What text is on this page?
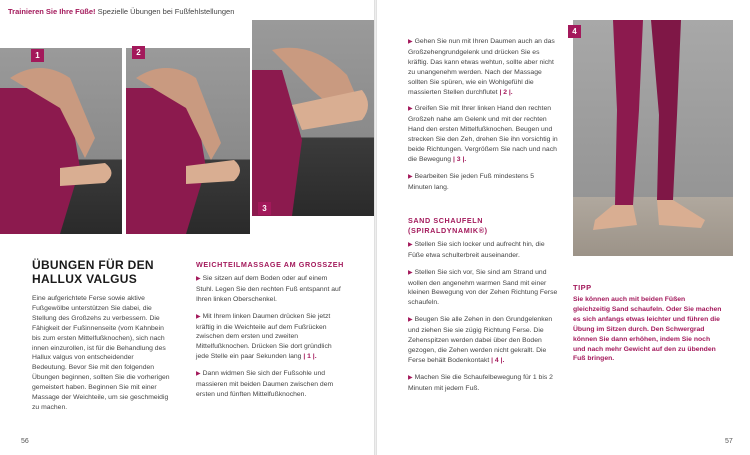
Trainieren Sie Ihre Füße! Spezielle Übungen bei Fußfehlstellungen
1	2
3
ÜBUNGEN FÜR DEN HALLUX VALGUS

Eine aufgerichtete Ferse sowie aktive Fußgewölbe unterstützen Sie dabei, die Stellung des Großzehs zu verbessern. Die Fähigkeit der Fußinnenseite (vom Kahnbein bis zum ersten Mittelfußknochen), sich nach innen einzurollen, ist für die Behandlung des Hallux valgus von entscheidender Bedeutung. Bevor Sie mit den folgenden Übungen beginnen, sollten Sie die vorherigen gemeistert haben. Beginnen Sie mit einer Massage der Weichteile, um sie geschmeidig zu machen.

WEICHTEILMASSAGE AM GROSSZEH

▶ Sie sitzen auf dem Boden oder auf einem Stuhl. Legen Sie den rechten Fuß entspannt auf Ihren linken Oberschenkel.

▶ Mit Ihrem linken Daumen drücken Sie jetzt kräftig in die Weichteile auf dem Fußrücken zwischen dem ersten und zweiten Mittelfußknochen. Drücken Sie dort gründlich jede Stelle ein paar Sekunden lang | 1 |.

▶ Dann widmen Sie sich der Fußsohle und massieren mit beiden Daumen zwischen dem ersten und fünften Mittelfußknochen.

56

▶ Gehen Sie nun mit Ihren Daumen auch an das Großzehengrundgelenk und drücken Sie es kräftig. Das kann etwas wehtun, sollte aber nicht zu unangenehm werden. Nach der Massage sollten Sie spüren, wie ein Wohlgefühl die massierten Stellen durchflutet | 2 |.

▶ Greifen Sie mit Ihrer linken Hand den rechten Großzeh nahe am Gelenk und mit der rechten Hand den ersten Mittelfußknochen. Beugen und strecken Sie den Zeh, drehen Sie ihn vorsichtig in beide Richtungen. Vergrößern Sie nach und nach die Bewegung | 3 |.

▶ Bearbeiten Sie jeden Fuß mindestens 5 Minuten lang.

SAND SCHAUFELN (SPIRALDYNAMIK®)

▶ Stellen Sie sich locker und aufrecht hin, die Füße etwa schulterbreit auseinander.

▶ Stellen Sie sich vor, Sie sind am Strand und wollen den angenehm warmen Sand mit einer kleinen Bewegung von der Zehen Richtung Ferse schaufeln.

▶ Beugen Sie alle Zehen in den Grundgelenken und ziehen Sie sie zügig Richtung Ferse. Die Zehenspitzen werden dabei über den Boden gezogen, die Zehen werden nicht gekrallt. Die Ferse behält Bodenkontakt | 4 |.

▶ Machen Sie die Schaufelbewegung für 1 bis 2 Minuten mit jedem Fuß.

4
TIPP
Sie können auch mit beiden Füßen gleichzeitig Sand schaufeln. Oder Sie machen es sich anfangs etwas leichter und führen die Übung im Sitzen durch. Den Schwergrad können Sie dann erhöhen, indem Sie noch und nach mehr Gewicht auf den zu übenden Fuß bringen.
57
